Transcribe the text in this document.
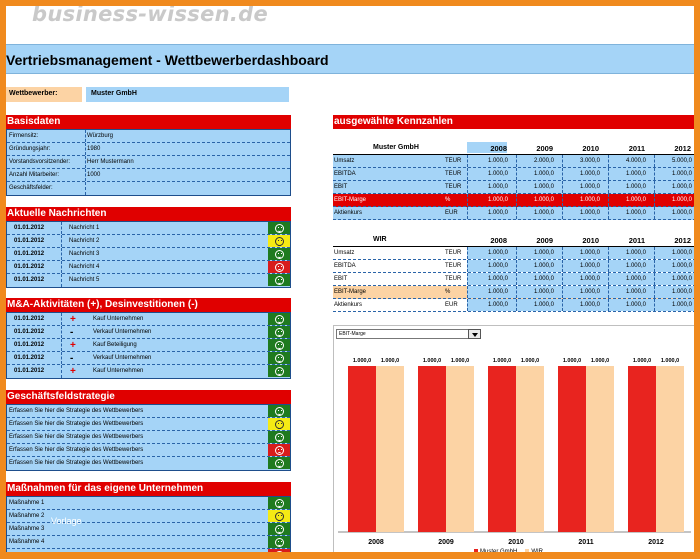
business-wissen.de
Vertriebsmanagement - Wettbewerberdashboard
Wettbewerber:	Muster GmbH
Basisdaten
Firmensitz:	Würzburg
Gründungsjahr:	1980
Vorstandsvorsitzender:	Herr Mustermann
Anzahl Mitarbeiter:	1000
Geschäftsfelder:
Aktuelle Nachrichten
01.01.2012	Nachricht 1
01.01.2012	Nachricht 2
01.01.2012	Nachricht 3
01.01.2012	Nachricht 4
01.01.2012	Nachricht 5
M&A-Aktivitäten (+), Desinvestitionen (-)
01.01.2012	+	Kauf Unternehmen
01.01.2012	-	Verkauf Unternehmen
01.01.2012	+	Kauf Beteiligung
01.01.2012	-	Verkauf Unternehmen
01.01.2012	+	Kauf Unternehmen
Geschäftsfeldstrategie
Erfassen Sie hier die Strategie des Wettbewerbers
Erfassen Sie hier die Strategie des Wettbewerbers
Erfassen Sie hier die Strategie des Wettbewerbers
Erfassen Sie hier die Strategie des Wettbewerbers
Erfassen Sie hier die Strategie des Wettbewerbers
Maßnahmen für das eigene Unternehmen
Maßnahme 1
Maßnahme 2
Maßnahme 3
Maßnahme 4
Maßnahme 5
Vorlage
ausgewählte Kennzahlen
Muster GmbH	2008	2009	2010	2011	2012
Umsatz	TEUR	1.000,0	2.000,0	3.000,0	4.000,0	5.000,0
EBITDA	TEUR	1.000,0	1.000,0	1.000,0	1.000,0	1.000,0
EBIT	TEUR	1.000,0	1.000,0	1.000,0	1.000,0	1.000,0
EBIT-Marge	%	1.000,0	1.000,0	1.000,0	1.000,0	1.000,0
Aktienkurs	EUR	1.000,0	1.000,0	1.000,0	1.000,0	1.000,0
WIR	2008	2009	2010	2011	2012
Umsatz	TEUR	1.000,0	1.000,0	1.000,0	1.000,0	1.000,0
EBITDA	TEUR	1.000,0	1.000,0	1.000,0	1.000,0	1.000,0
EBIT	TEUR	1.000,0	1.000,0	1.000,0	1.000,0	1.000,0
EBIT-Marge	%	1.000,0	1.000,0	1.000,0	1.000,0	1.000,0
Aktienkurs	EUR	1.000,0	1.000,0	1.000,0	1.000,0	1.000,0
EBIT-Marge
1.000,0 1.000,0
2008
1.000,0 1.000,0
2009
1.000,0 1.000,0
2010
1.000,0 1.000,0
2011
1.000,0 1.000,0
2012
Muster GmbH	WIR
